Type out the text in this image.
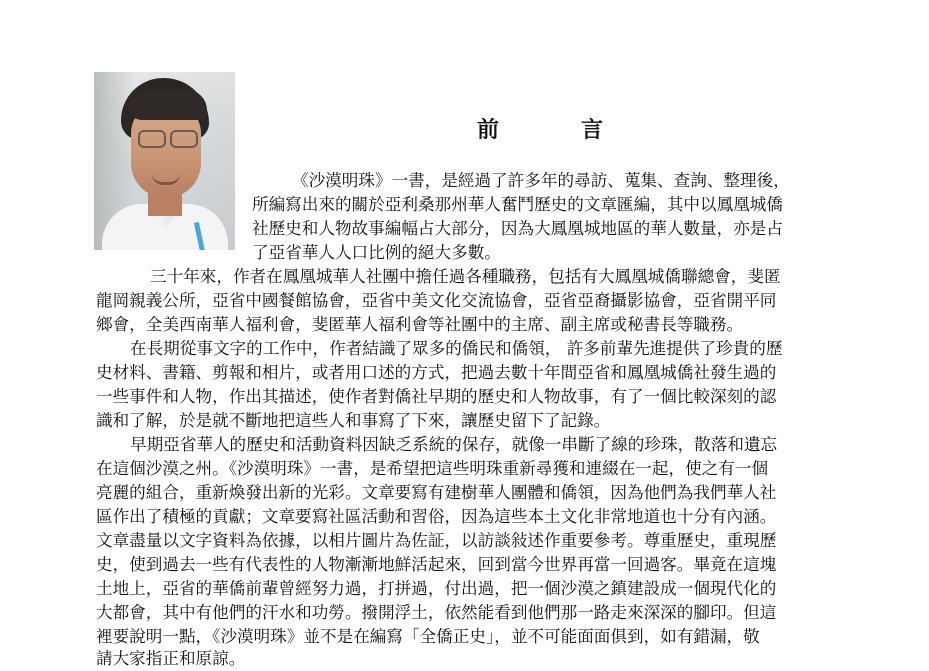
前　言
《沙漠明珠》一書，是經過了許多年的尋訪、蒐集、查詢、整理後，
所編寫出來的關於亞利桑那州華人奮鬥歷史的文章匯編，其中以鳳凰城僑
社歷史和人物故事編幅占大部分，因為大鳳凰城地區的華人數量，亦是占
了亞省華人人口比例的絕大多數。
三十年來，作者在鳳凰城華人社團中擔任過各種職務，包括有大鳳凰城僑聯總會，斐匿
龍岡親義公所，亞省中國餐館協會，亞省中美文化交流協會，亞省亞裔攝影協會，亞省開平同
鄉會，全美西南華人福利會，斐匿華人福利會等社團中的主席、副主席或秘書長等職務。
在長期從事文字的工作中，作者結識了眾多的僑民和僑領， 許多前輩先進提供了珍貴的歷
史材料、書籍、剪報和相片，或者用口述的方式，把過去數十年間亞省和鳳凰城僑社發生過的
一些事件和人物，作出其描述，使作者對僑社早期的歷史和人物故事，有了一個比較深刻的認
識和了解，於是就不斷地把這些人和事寫了下來，讓歷史留下了記錄。
早期亞省華人的歷史和活動資料因缺乏系統的保存，就像一串斷了線的珍珠，散落和遺忘
在這個沙漠之州。《沙漠明珠》一書，是希望把這些明珠重新尋獲和連綴在一起，使之有一個
亮麗的組合，重新煥發出新的光彩。文章要寫有建樹華人團體和僑領，因為他們為我們華人社
區作出了積極的貢獻；文章要寫社區活動和習俗，因為這些本土文化非常地道也十分有內涵。
文章盡量以文字資料為依據，以相片圖片為佐証，以訪談敍述作重要參考。尊重歷史，重現歷
史，使到過去一些有代表性的人物漸漸地鮮活起來，回到當今世界再當一回過客。畢竟在這塊
土地上，亞省的華僑前輩曾經努力過，打拼過，付出過，把一個沙漠之鎮建設成一個現代化的
大都會，其中有他們的汗水和功勞。撥開浮土，依然能看到他們那一路走來深深的腳印。但這
裡要說明一點，《沙漠明珠》並不是在編寫「全僑正史」，並不可能面面俱到，如有錯漏，敬
請大家指正和原諒。
